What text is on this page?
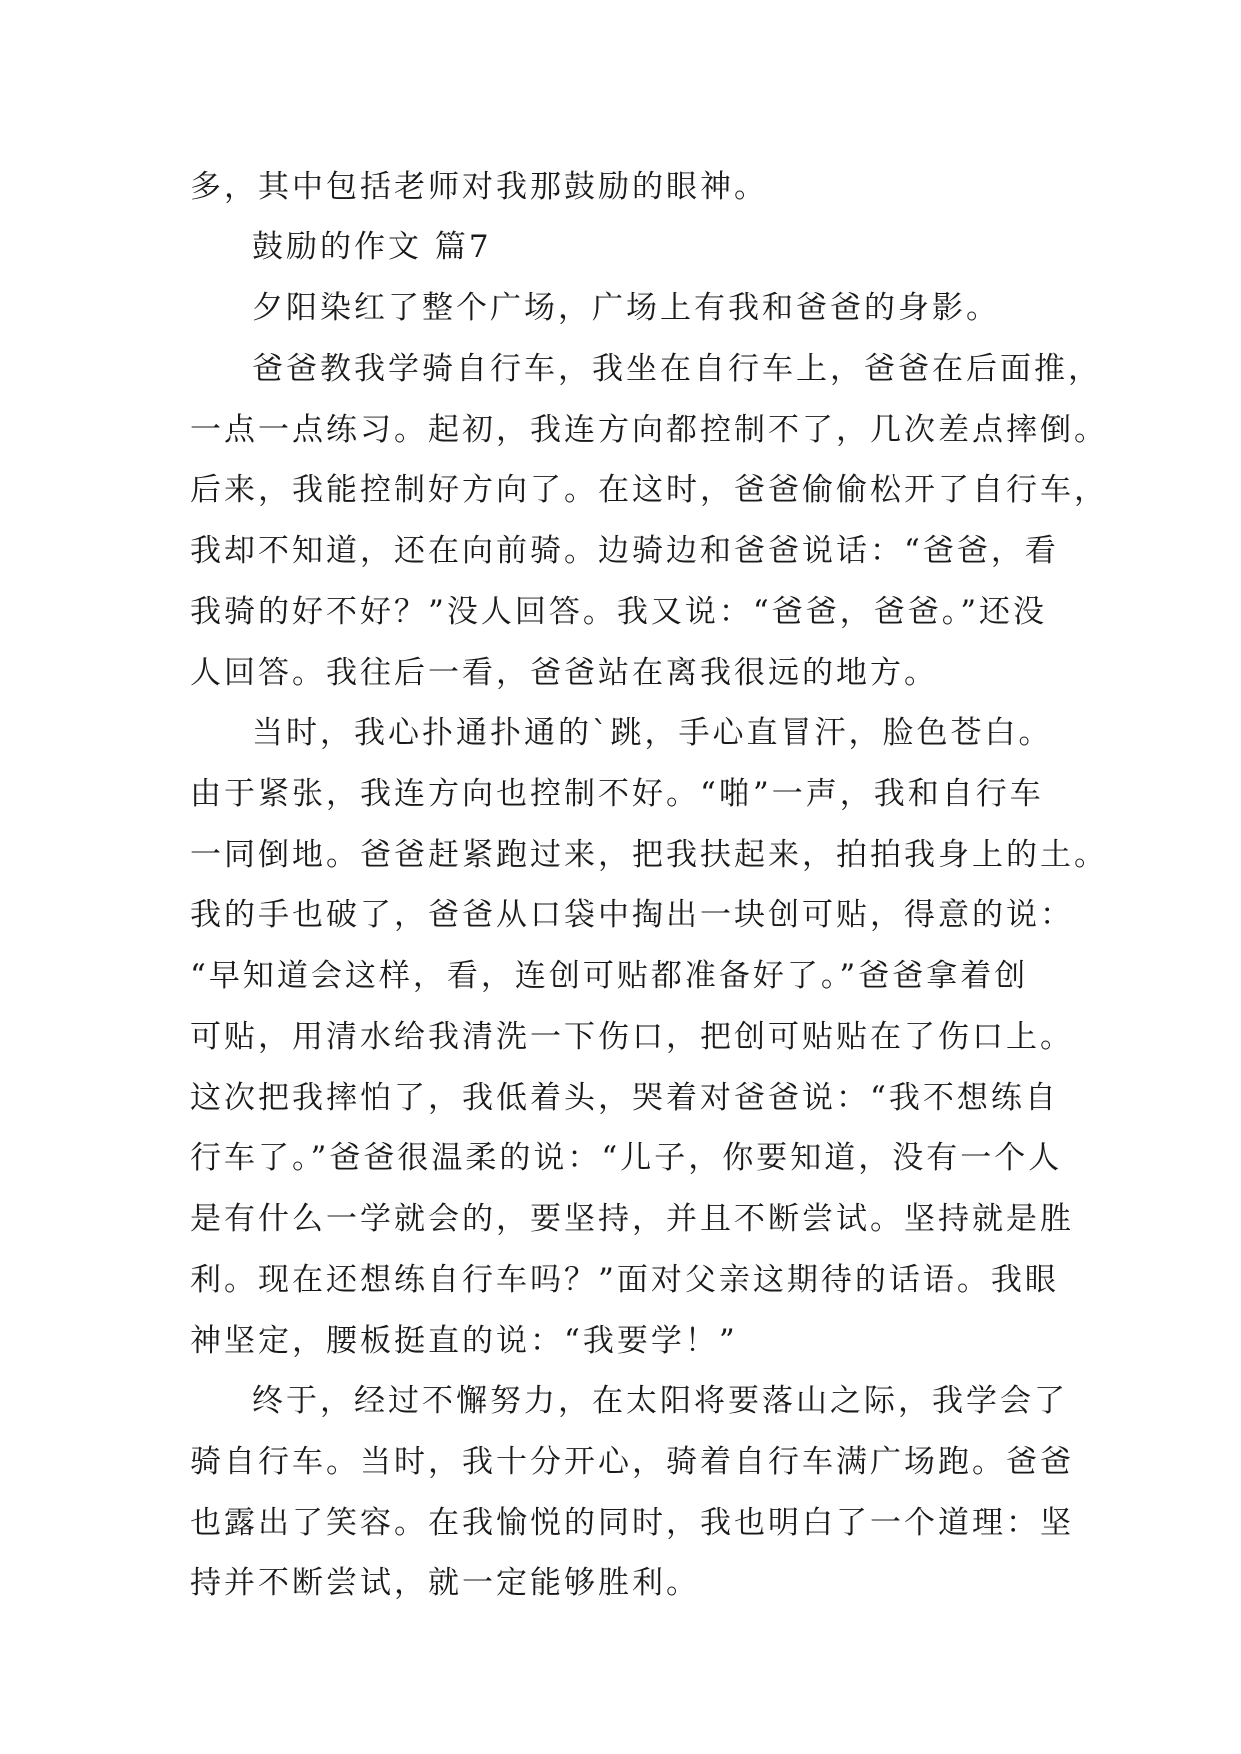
多，其中包括老师对我那鼓励的眼神。
鼓励的作文 篇7
夕阳染红了整个广场，广场上有我和爸爸的身影。
爸爸教我学骑自行车，我坐在自行车上，爸爸在后面推，
一点一点练习。起初，我连方向都控制不了，几次差点摔倒。
后来，我能控制好方向了。在这时，爸爸偷偷松开了自行车，
我却不知道，还在向前骑。边骑边和爸爸说话：“爸爸，看
我骑的好不好？”没人回答。我又说：“爸爸，爸爸。”还没
人回答。我往后一看，爸爸站在离我很远的地方。
当时，我心扑通扑通的`跳，手心直冒汗，脸色苍白。
由于紧张，我连方向也控制不好。“啪”一声，我和自行车
一同倒地。爸爸赶紧跑过来，把我扶起来，拍拍我身上的土。
我的手也破了，爸爸从口袋中掏出一块创可贴，得意的说：
“早知道会这样，看，连创可贴都准备好了。”爸爸拿着创
可贴，用清水给我清洗一下伤口，把创可贴贴在了伤口上。
这次把我摔怕了，我低着头，哭着对爸爸说：“我不想练自
行车了。”爸爸很温柔的说：“儿子，你要知道，没有一个人
是有什么一学就会的，要坚持，并且不断尝试。坚持就是胜
利。现在还想练自行车吗？”面对父亲这期待的话语。我眼
神坚定，腰板挺直的说：“我要学！”
终于，经过不懈努力，在太阳将要落山之际，我学会了
骑自行车。当时，我十分开心，骑着自行车满广场跑。爸爸
也露出了笑容。在我愉悦的同时，我也明白了一个道理：坚
持并不断尝试，就一定能够胜利。
